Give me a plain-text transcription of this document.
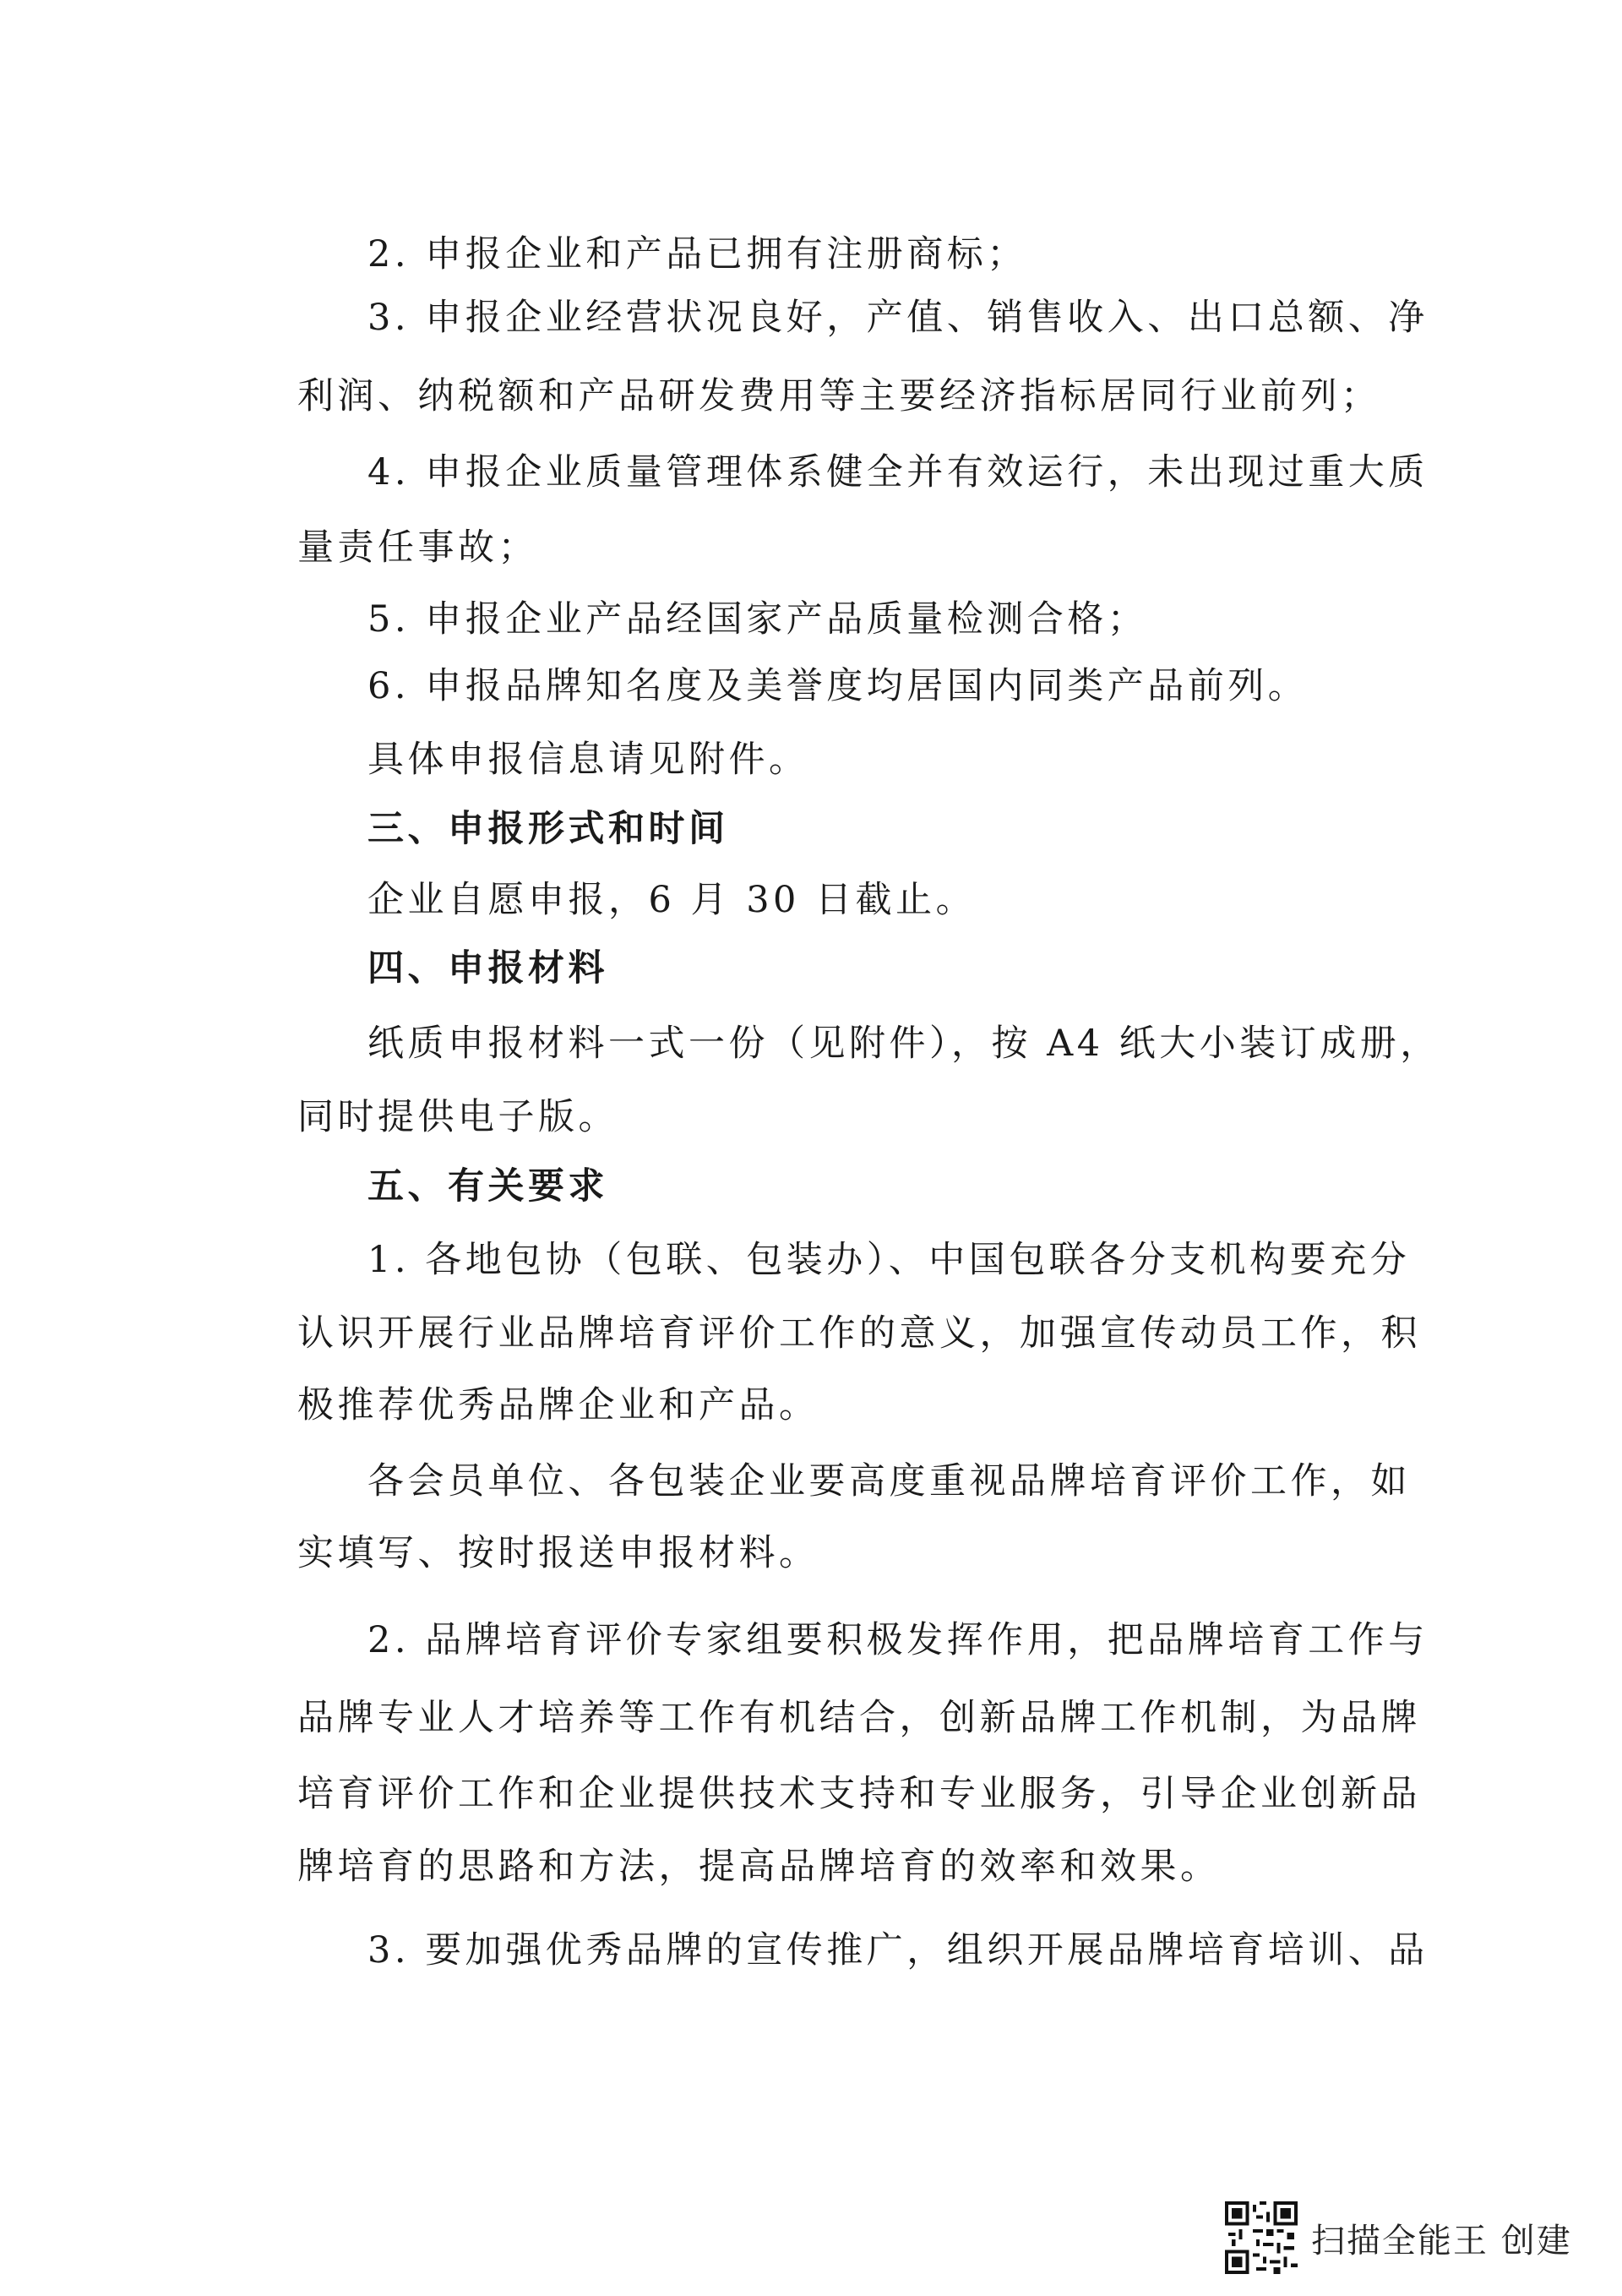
2. 申报企业和产品已拥有注册商标；
3. 申报企业经营状况良好，产值、销售收入、出口总额、净
利润、纳税额和产品研发费用等主要经济指标居同行业前列；
4. 申报企业质量管理体系健全并有效运行，未出现过重大质
量责任事故；
5. 申报企业产品经国家产品质量检测合格；
6. 申报品牌知名度及美誉度均居国内同类产品前列。
具体申报信息请见附件。
三、申报形式和时间
企业自愿申报，6 月 30 日截止。
四、申报材料
纸质申报材料一式一份（见附件），按 A4 纸大小装订成册，
同时提供电子版。
五、有关要求
1. 各地包协（包联、包装办）、中国包联各分支机构要充分
认识开展行业品牌培育评价工作的意义，加强宣传动员工作，积
极推荐优秀品牌企业和产品。
各会员单位、各包装企业要高度重视品牌培育评价工作，如
实填写、按时报送申报材料。
2. 品牌培育评价专家组要积极发挥作用，把品牌培育工作与
品牌专业人才培养等工作有机结合，创新品牌工作机制，为品牌
培育评价工作和企业提供技术支持和专业服务，引导企业创新品
牌培育的思路和方法，提高品牌培育的效率和效果。
3. 要加强优秀品牌的宣传推广，组织开展品牌培育培训、品
扫描全能王 创建
